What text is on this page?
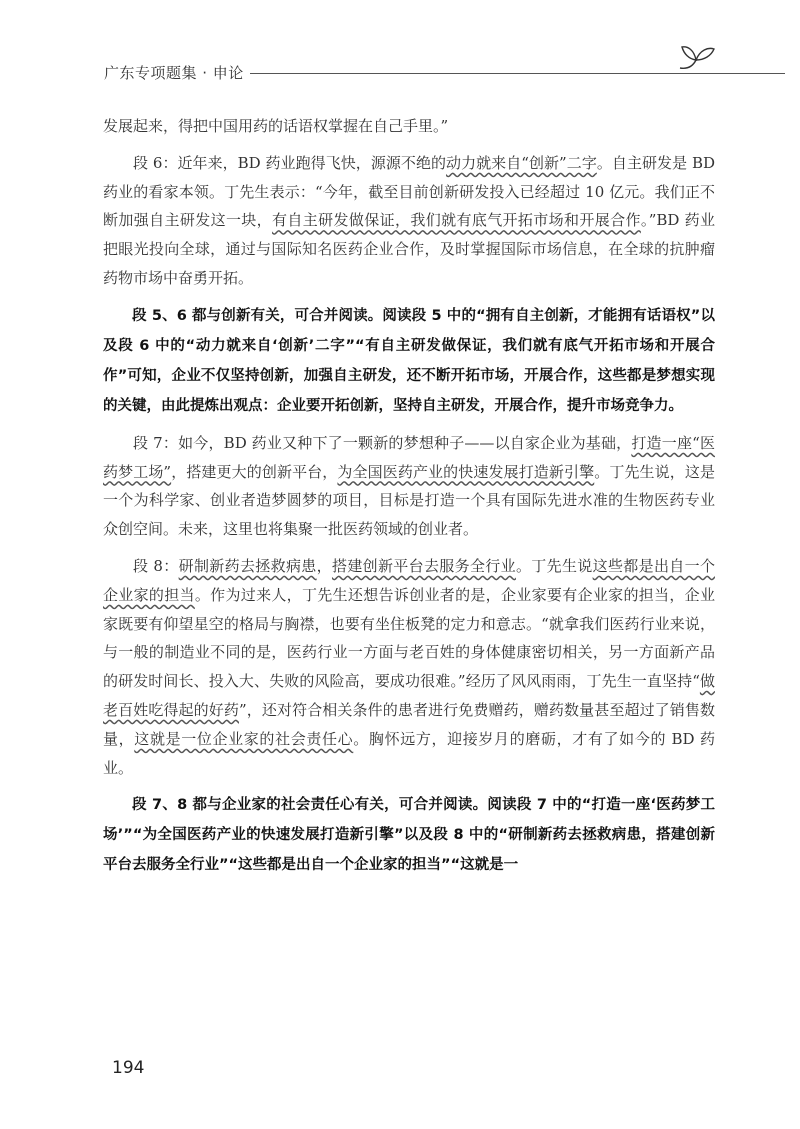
广东专项题集 · 申论

发展起来，得把中国用药的话语权掌握在自己手里。”

段 6：近年来，BD 药业跑得飞快，源源不绝的动力就来自“创新”二字。自主研发是 BD 药业的看家本领。丁先生表示：“今年，截至目前创新研发投入已经超过 10 亿元。我们正不断加强自主研发这一块，有自主研发做保证，我们就有底气开拓市场和开展合作。”BD 药业把眼光投向全球，通过与国际知名医药企业合作，及时掌握国际市场信息，在全球的抗肿瘤药物市场中奋勇开拓。

段 5、6 都与创新有关，可合并阅读。阅读段 5 中的“拥有自主创新，才能拥有话语权”以及段 6 中的“动力就来自‘创新’二字”“有自主研发做保证，我们就有底气开拓市场和开展合作”可知，企业不仅坚持创新，加强自主研发，还不断开拓市场，开展合作，这些都是梦想实现的关键，由此提炼出观点：企业要开拓创新，坚持自主研发，开展合作，提升市场竞争力。

段 7：如今，BD 药业又种下了一颗新的梦想种子——以自家企业为基础，打造一座“医药梦工场”，搭建更大的创新平台，为全国医药产业的快速发展打造新引擎。丁先生说，这是一个为科学家、创业者造梦圆梦的项目，目标是打造一个具有国际先进水准的生物医药专业众创空间。未来，这里也将集聚一批医药领域的创业者。

段 8：研制新药去拯救病患，搭建创新平台去服务全行业。丁先生说这些都是出自一个企业家的担当。作为过来人，丁先生还想告诉创业者的是，企业家要有企业家的担当，企业家既要有仰望星空的格局与胸襟，也要有坐住板凳的定力和意志。“就拿我们医药行业来说，与一般的制造业不同的是，医药行业一方面与老百姓的身体健康密切相关，另一方面新产品的研发时间长、投入大、失败的风险高，要成功很难。”经历了风风雨雨，丁先生一直坚持“做老百姓吃得起的好药”，还对符合相关条件的患者进行免费赠药，赠药数量甚至超过了销售数量，这就是一位企业家的社会责任心。胸怀远方，迎接岁月的磨砺，才有了如今的 BD 药业。

段 7、8 都与企业家的社会责任心有关，可合并阅读。阅读段 7 中的“打造一座‘医药梦工场’”“为全国医药产业的快速发展打造新引擎”以及段 8 中的“研制新药去拯救病患，搭建创新平台去服务全行业”“这些都是出自一个企业家的担当”“这就是一

194
